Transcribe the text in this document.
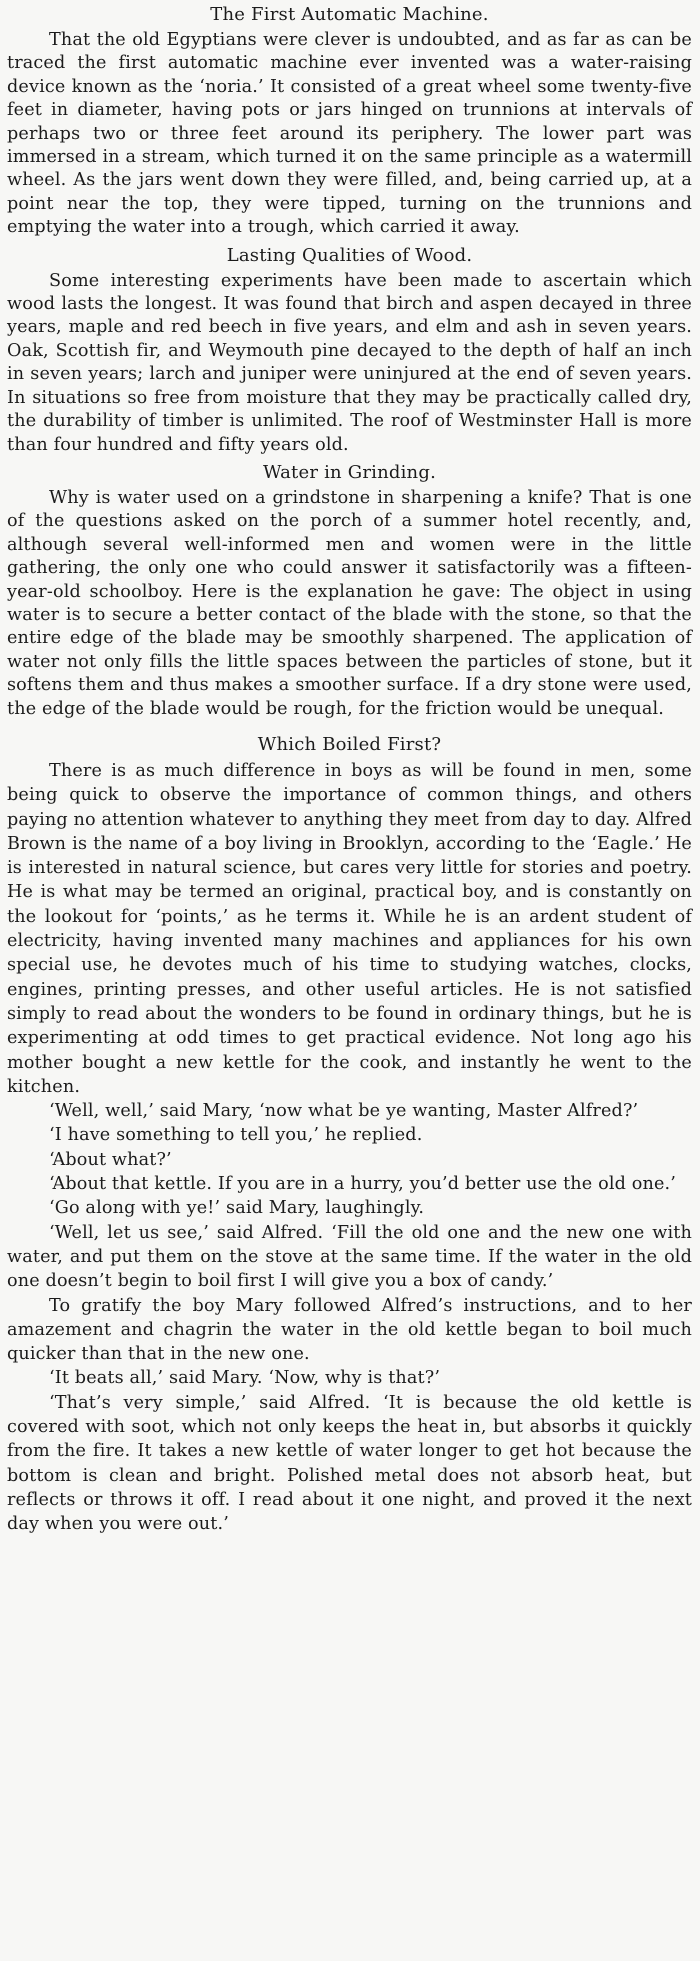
The First Automatic Machine.

That the old Egyptians were clever is undoubted, and as far as can be traced the first automatic machine ever invented was a water-raising device known as the ‘noria.’ It consisted of a great wheel some twenty-five feet in diameter, having pots or jars hinged on trunnions at intervals of perhaps two or three feet around its periphery. The lower part was immersed in a stream, which turned it on the same principle as a watermill wheel. As the jars went down they were filled, and, being carried up, at a point near the top, they were tipped, turning on the trunnions and emptying the water into a trough, which carried it away.

Lasting Qualities of Wood.

Some interesting experiments have been made to ascertain which wood lasts the longest. It was found that birch and aspen decayed in three years, maple and red beech in five years, and elm and ash in seven years. Oak, Scottish fir, and Weymouth pine decayed to the depth of half an inch in seven years; larch and juniper were uninjured at the end of seven years. In situations so free from moisture that they may be practically called dry, the durability of timber is unlimited. The roof of Westminster Hall is more than four hundred and fifty years old.

Water in Grinding.

Why is water used on a grindstone in sharpening a knife? That is one of the questions asked on the porch of a summer hotel recently, and, although several well-informed men and women were in the little gathering, the only one who could answer it satisfactorily was a fifteen-year-old schoolboy. Here is the explanation he gave: The object in using water is to secure a better contact of the blade with the stone, so that the entire edge of the blade may be smoothly sharpened. The application of water not only fills the little spaces between the particles of stone, but it softens them and thus makes a smoother surface. If a dry stone were used, the edge of the blade would be rough, for the friction would be unequal.

Which Boiled First?

There is as much difference in boys as will be found in men, some being quick to observe the importance of common things, and others paying no attention whatever to anything they meet from day to day. Alfred Brown is the name of a boy living in Brooklyn, according to the ‘Eagle.’ He is interested in natural science, but cares very little for stories and poetry. He is what may be termed an original, practical boy, and is constantly on the lookout for ‘points,’ as he terms it. While he is an ardent student of electricity, having invented many machines and appliances for his own special use, he devotes much of his time to studying watches, clocks, engines, printing presses, and other useful articles. He is not satisfied simply to read about the wonders to be found in ordinary things, but he is experimenting at odd times to get practical evidence. Not long ago his mother bought a new kettle for the cook, and instantly he went to the kitchen.

‘Well, well,’ said Mary, ‘now what be ye wanting, Master Alfred?’

‘I have something to tell you,’ he replied.

‘About what?’

‘About that kettle. If you are in a hurry, you’d better use the old one.’

‘Go along with ye!’ said Mary, laughingly.

‘Well, let us see,’ said Alfred. ‘Fill the old one and the new one with water, and put them on the stove at the same time. If the water in the old one doesn’t begin to boil first I will give you a box of candy.’

To gratify the boy Mary followed Alfred’s instructions, and to her amazement and chagrin the water in the old kettle began to boil much quicker than that in the new one.

‘It beats all,’ said Mary. ‘Now, why is that?’

‘That’s very simple,’ said Alfred. ‘It is because the old kettle is covered with soot, which not only keeps the heat in, but absorbs it quickly from the fire. It takes a new kettle of water longer to get hot because the bottom is clean and bright. Polished metal does not absorb heat, but reflects or throws it off. I read about it one night, and proved it the next day when you were out.’
